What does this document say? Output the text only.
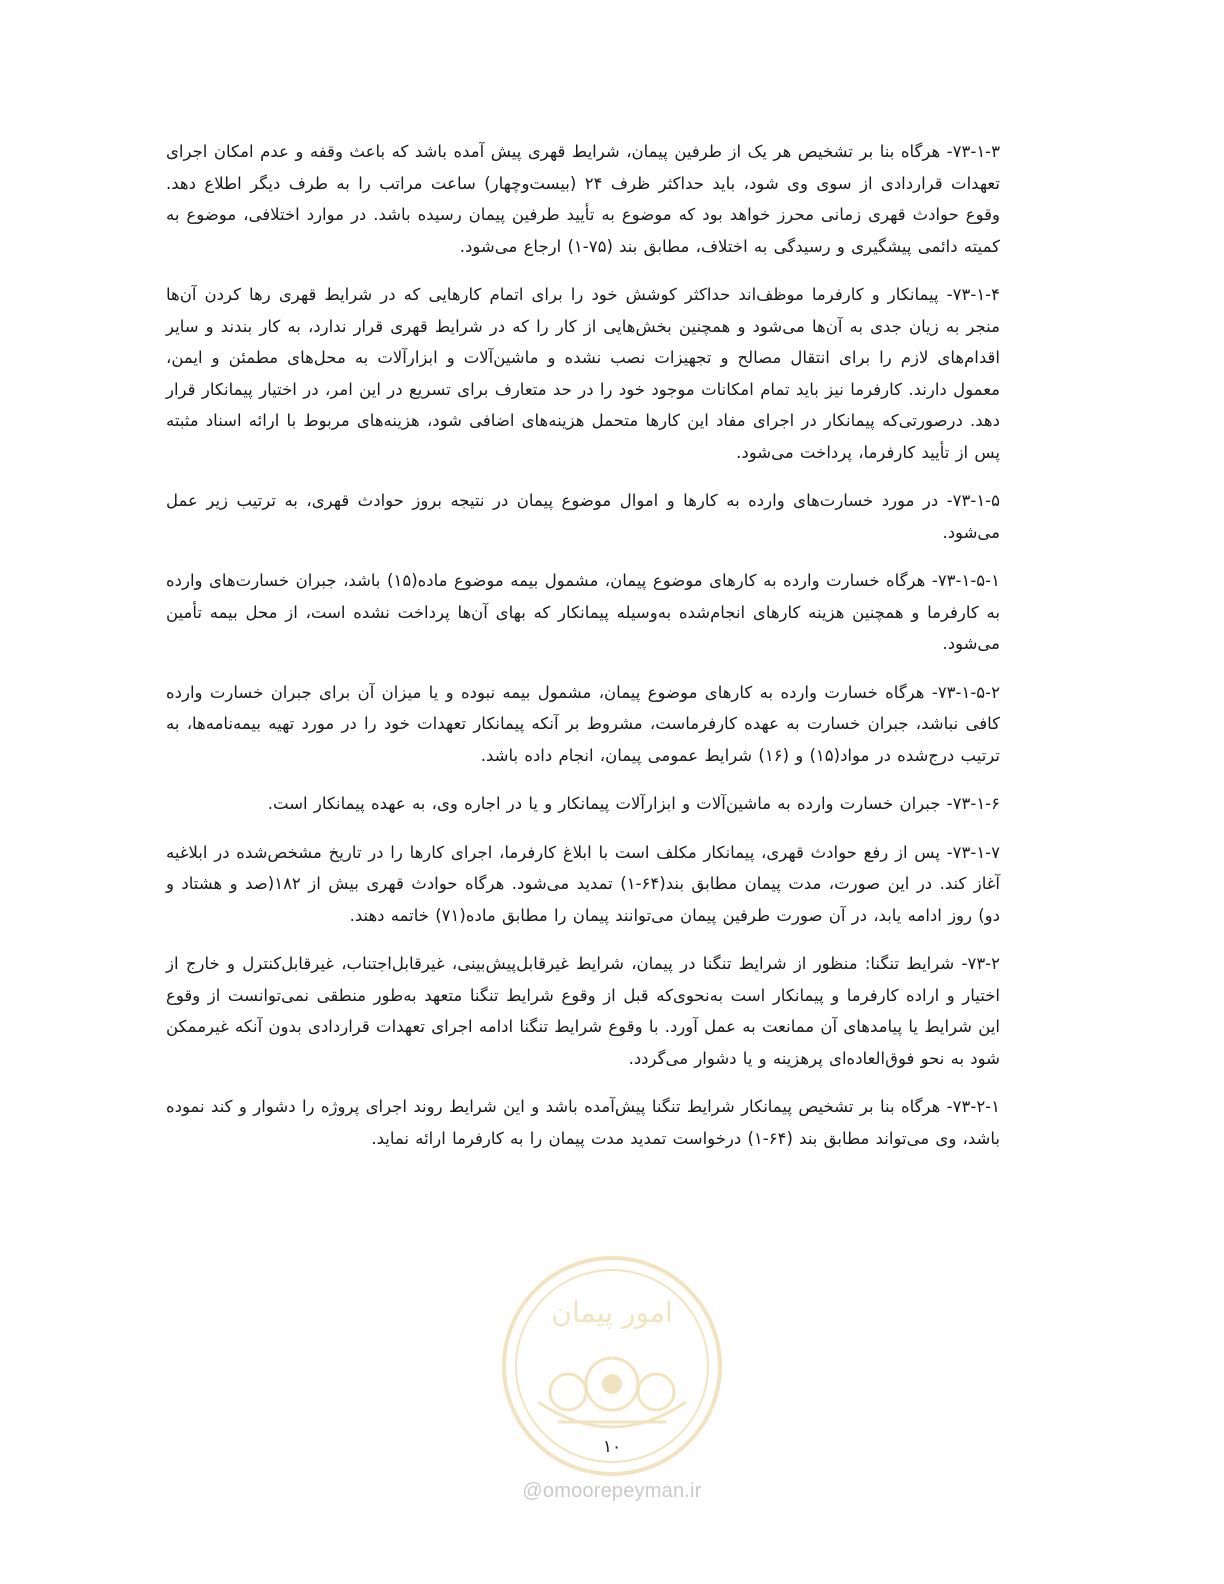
امور پیمان

۷۳-۱-۳- هرگاه بنا بر تشخیص هر یک از طرفین پیمان، شرایط قهری پیش آمده باشد که باعث وقفه و عدم امکان اجرای تعهدات قراردادی از سوی وی شود، باید حداکثر ظرف ۲۴ (بیست‌وچهار) ساعت مراتب را به طرف دیگر اطلاع دهد. وقوع حوادث قهری زمانی محرز خواهد بود که موضوع به تأیید طرفین پیمان رسیده باشد. در موارد اختلافی، موضوع به کمیته دائمی پیشگیری و رسیدگی به اختلاف، مطابق بند (۷۵-۱) ارجاع می‌شود.

۷۳-۱-۴- پیمانکار و کارفرما موظف‌اند حداکثر کوشش خود را برای اتمام کارهایی که در شرایط قهری رها کردن آن‌ها منجر به زیان جدی به آن‌ها می‌شود و همچنین بخش‌هایی از کار را که در شرایط قهری قرار ندارد، به کار بندند و سایر اقدام‌های لازم را برای انتقال مصالح و تجهیزات نصب نشده و ماشین‌آلات و ابزارآلات به محل‌های مطمئن و ایمن، معمول دارند. کارفرما نیز باید تمام امکانات موجود خود را در حد متعارف برای تسریع در این امر، در اختیار پیمانکار قرار دهد. درصورتی‌که پیمانکار در اجرای مفاد این کارها متحمل هزینه‌های اضافی شود، هزینه‌های مربوط با ارائه اسناد مثبته پس از تأیید کارفرما، پرداخت می‌شود.

۷۳-۱-۵- در مورد خسارت‌های وارده به کارها و اموال موضوع پیمان در نتیجه بروز حوادث قهری، به ترتیب زیر عمل می‌شود.

۷۳-۱-۵-۱- هرگاه خسارت وارده به کارهای موضوع پیمان، مشمول بیمه موضوع ماده(۱۵) باشد، جبران خسارت‌های وارده به کارفرما و همچنین هزینه کارهای انجام‌شده به‌وسیله پیمانکار که بهای آن‌ها پرداخت نشده است، از محل بیمه تأمین می‌شود.

۷۳-۱-۵-۲- هرگاه خسارت وارده به کارهای موضوع پیمان، مشمول بیمه نبوده و یا میزان آن برای جبران خسارت وارده کافی نباشد، جبران خسارت به عهده کارفرماست، مشروط بر آنکه پیمانکار تعهدات خود را در مورد تهیه بیمه‌نامه‌ها، به ترتیب درج‌شده در مواد(۱۵) و (۱۶) شرایط عمومی پیمان، انجام داده باشد.

۷۳-۱-۶- جبران خسارت وارده به ماشین‌آلات و ابزارآلات پیمانکار و یا در اجاره وی، به عهده پیمانکار است.

۷۳-۱-۷- پس از رفع حوادث قهری، پیمانکار مکلف است با ابلاغ کارفرما، اجرای کارها را در تاریخ مشخص‌شده در ابلاغیه آغاز کند. در این صورت، مدت پیمان مطابق بند(۶۴-۱) تمدید می‌شود. هرگاه حوادث قهری بیش از ۱۸۲(صد و هشتاد و دو) روز ادامه یابد، در آن صورت طرفین پیمان می‌توانند پیمان را مطابق ماده(۷۱) خاتمه دهند.

۷۳-۲- شرایط تنگنا: منظور از شرایط تنگنا در پیمان، شرایط غیرقابل‌پیش‌بینی، غیرقابل‌اجتناب، غیرقابل‌کنترل و خارج از اختیار و اراده کارفرما و پیمانکار است به‌نحوی‌که قبل از وقوع شرایط تنگنا متعهد به‌طور منطقی نمی‌توانست از وقوع این شرایط یا پیامدهای آن ممانعت به عمل آورد. با وقوع شرایط تنگنا ادامه اجرای تعهدات قراردادی بدون آنکه غیرممکن شود به نحو فوق‌العاده‌ای پرهزینه و یا دشوار می‌گردد.

۷۳-۲-۱- هرگاه بنا بر تشخیص پیمانکار شرایط تنگنا پیش‌آمده باشد و این شرایط روند اجرای پروژه را دشوار و کند نموده باشد، وی می‌تواند مطابق بند (۶۴-۱) درخواست تمدید مدت پیمان را به کارفرما ارائه نماید.

۱۰
@omoorepeyman.ir
